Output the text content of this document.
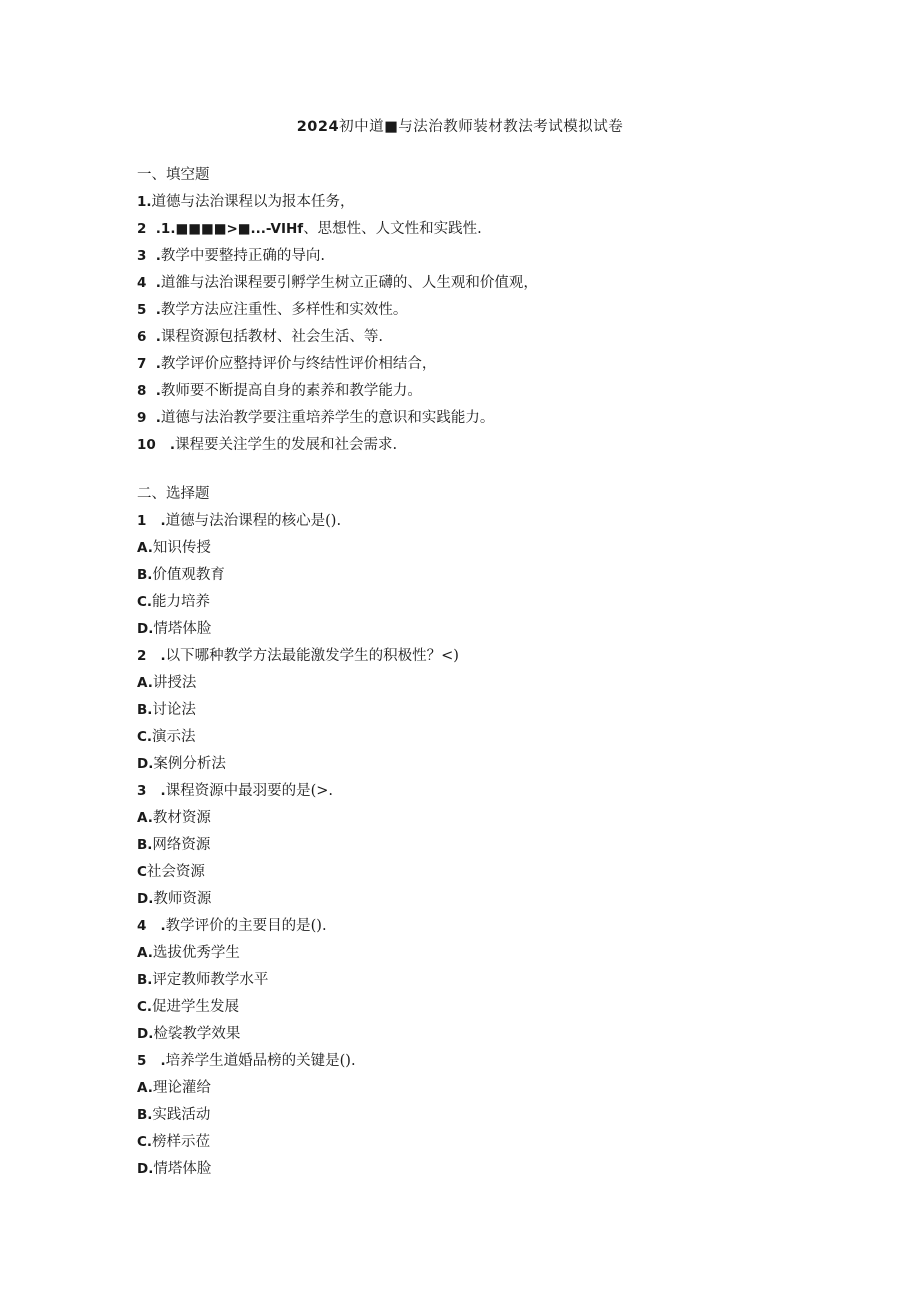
2024初中道■与法治教师装材教法考试模拟试卷
一、填空题
1.道德与法治课程以为报本任务，
2  .1.■■■■>■...-VIHf、思想性、人文性和实践性.
3  .教学中要整持正确的导向.
4  .道雒与法治课程要引孵学生树立正礴的、人生观和价值观，
5  .教学方法应注重性、多样性和实效性。
6  .课程资源包括教材、社会生活、等.
7  .教学评价应整持评价与终结性评价相结合，
8  .教师要不断提高自身的素养和教学能力。
9  .道德与法治教学要注重培养学生的意识和实践能力。
10   .课程要关注学生的发展和社会需求.
二、选择题
1   .道德与法治课程的核心是().
A.知识传授
B.价值观教育
C.能力培养
D.情塔体脸
2   .以下哪种教学方法最能激发学生的积极性？<)
A.讲授法
B.讨论法
C.演示法
D.案例分析法
3   .课程资源中最羽要的是(>.
A.教材资源
B.网络资源
C社会资源
D.教师资源
4   .教学评价的主要目的是().
A.选拔优秀学生
B.评定教师教学水平
C.促进学生发展
D.检裟教学效果
5   .培养学生道婚品榜的关键是().
A.理论灌给
B.实践活动
C.榜样示莅
D.情塔体脸
